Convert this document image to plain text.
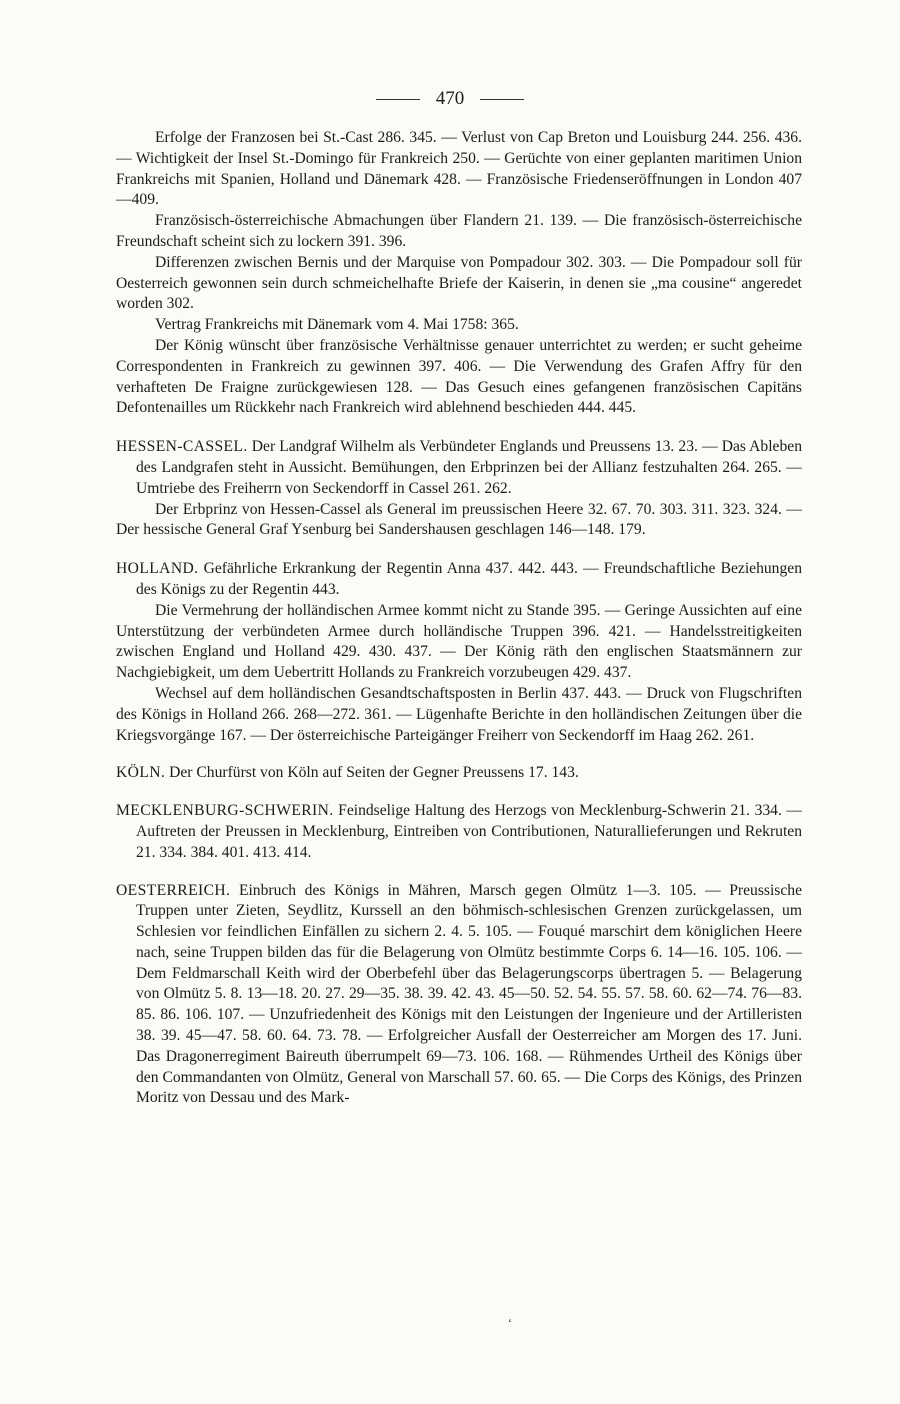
470

Erfolge der Franzosen bei St.-Cast 286. 345. — Verlust von Cap Breton und Louisburg 244. 256. 436. — Wichtigkeit der Insel St.-Domingo für Frankreich 250. — Gerüchte von einer geplanten maritimen Union Frankreichs mit Spanien, Holland und Dänemark 428. — Französische Friedenseröffnungen in London 407—409.

Französisch-österreichische Abmachungen über Flandern 21. 139. — Die französisch-österreichische Freundschaft scheint sich zu lockern 391. 396.

Differenzen zwischen Bernis und der Marquise von Pompadour 302. 303. — Die Pompadour soll für Oesterreich gewonnen sein durch schmeichelhafte Briefe der Kaiserin, in denen sie „ma cousine“ angeredet worden 302.

Vertrag Frankreichs mit Dänemark vom 4. Mai 1758: 365.

Der König wünscht über französische Verhältnisse genauer unterrichtet zu werden; er sucht geheime Correspondenten in Frankreich zu gewinnen 397. 406. — Die Verwendung des Grafen Affry für den verhafteten De Fraigne zurückgewiesen 128. — Das Gesuch eines gefangenen französischen Capitäns Defontenailles um Rückkehr nach Frankreich wird ablehnend beschieden 444. 445.

HESSEN-CASSEL. Der Landgraf Wilhelm als Verbündeter Englands und Preussens 13. 23. — Das Ableben des Landgrafen steht in Aussicht. Bemühungen, den Erbprinzen bei der Allianz festzuhalten 264. 265. — Umtriebe des Freiherrn von Seckendorff in Cassel 261. 262.

Der Erbprinz von Hessen-Cassel als General im preussischen Heere 32. 67. 70. 303. 311. 323. 324. — Der hessische General Graf Ysenburg bei Sandershausen geschlagen 146—148. 179.

HOLLAND. Gefährliche Erkrankung der Regentin Anna 437. 442. 443. — Freundschaftliche Beziehungen des Königs zu der Regentin 443.

Die Vermehrung der holländischen Armee kommt nicht zu Stande 395. — Geringe Aussichten auf eine Unterstützung der verbündeten Armee durch holländische Truppen 396. 421. — Handelsstreitigkeiten zwischen England und Holland 429. 430. 437. — Der König räth den englischen Staatsmännern zur Nachgiebigkeit, um dem Uebertritt Hollands zu Frankreich vorzubeugen 429. 437.

Wechsel auf dem holländischen Gesandtschaftsposten in Berlin 437. 443. — Druck von Flugschriften des Königs in Holland 266. 268—272. 361. — Lügenhafte Berichte in den holländischen Zeitungen über die Kriegsvorgänge 167. — Der österreichische Parteigänger Freiherr von Seckendorff im Haag 262. 261.

KÖLN. Der Churfürst von Köln auf Seiten der Gegner Preussens 17. 143.

MECKLENBURG-SCHWERIN. Feindselige Haltung des Herzogs von Mecklenburg-Schwerin 21. 334. — Auftreten der Preussen in Mecklenburg, Eintreiben von Contributionen, Naturallieferungen und Rekruten 21. 334. 384. 401. 413. 414.

OESTERREICH. Einbruch des Königs in Mähren, Marsch gegen Olmütz 1—3. 105. — Preussische Truppen unter Zieten, Seydlitz, Kurssell an den böhmisch-schlesischen Grenzen zurückgelassen, um Schlesien vor feindlichen Einfällen zu sichern 2. 4. 5. 105. — Fouqué marschirt dem königlichen Heere nach, seine Truppen bilden das für die Belagerung von Olmütz bestimmte Corps 6. 14—16. 105. 106. — Dem Feldmarschall Keith wird der Oberbefehl über das Belagerungscorps übertragen 5. — Belagerung von Olmütz 5. 8. 13—18. 20. 27. 29—35. 38. 39. 42. 43. 45—50. 52. 54. 55. 57. 58. 60. 62—74. 76—83. 85. 86. 106. 107. — Unzufriedenheit des Königs mit den Leistungen der Ingenieure und der Artilleristen 38. 39. 45—47. 58. 60. 64. 73. 78. — Erfolgreicher Ausfall der Oesterreicher am Morgen des 17. Juni. Das Dragonerregiment Baireuth überrumpelt 69—73. 106. 168. — Rühmendes Urtheil des Königs über den Commandanten von Olmütz, General von Marschall 57. 60. 65. — Die Corps des Königs, des Prinzen Moritz von Dessau und des Mark-

‘
